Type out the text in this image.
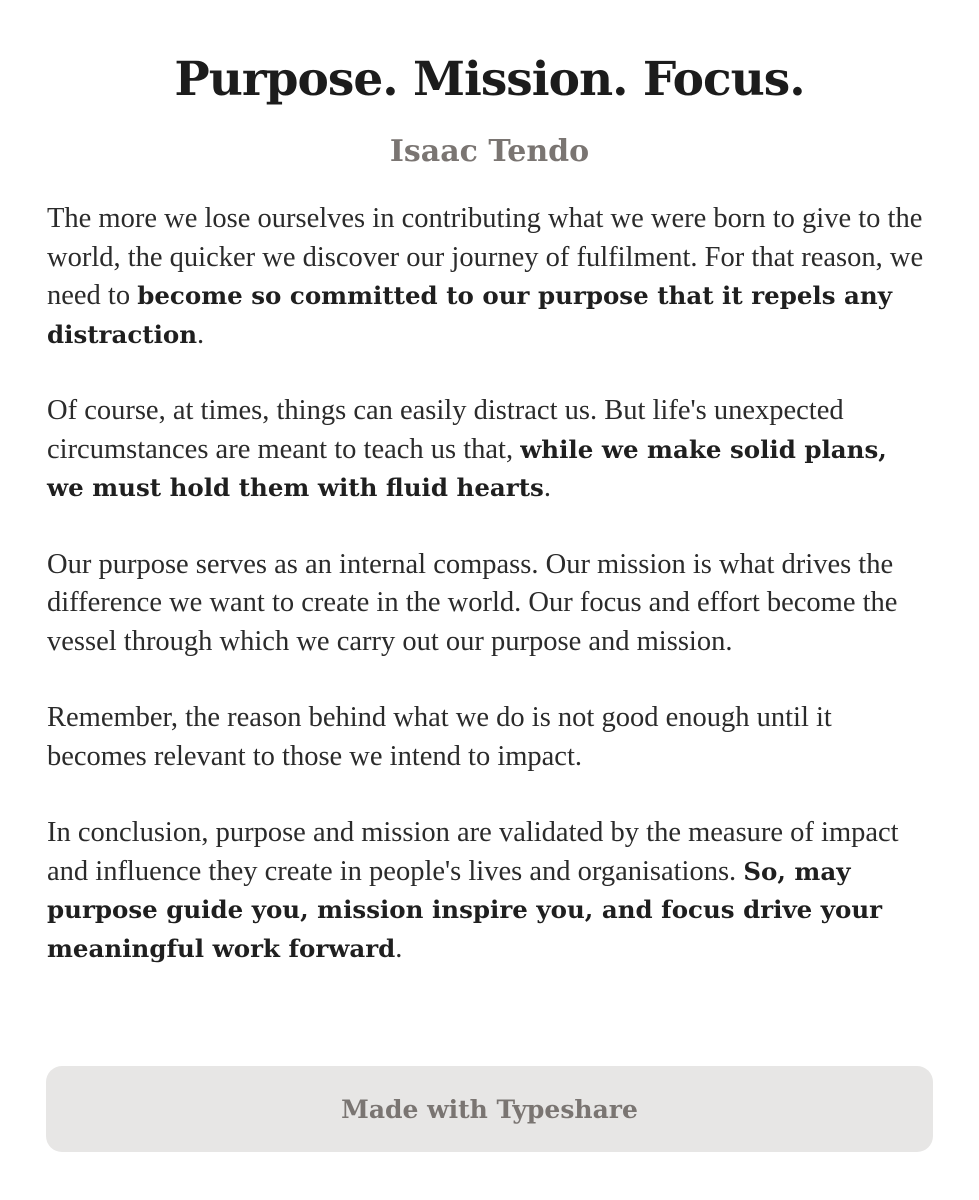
Purpose. Mission. Focus.
Isaac Tendo

The more we lose ourselves in contributing what we were born to give to the world, the quicker we discover our journey of fulfilment. For that reason, we need to become so committed to our purpose that it repels any distraction.

Of course, at times, things can easily distract us. But life's unexpected circumstances are meant to teach us that, while we make solid plans, we must hold them with fluid hearts.

Our purpose serves as an internal compass. Our mission is what drives the difference we want to create in the world. Our focus and effort become the vessel through which we carry out our purpose and mission.

Remember, the reason behind what we do is not good enough until it becomes relevant to those we intend to impact.

In conclusion, purpose and mission are validated by the measure of impact and influence they create in people's lives and organisations. So, may purpose guide you, mission inspire you, and focus drive your meaningful work forward.

Made with Typeshare
